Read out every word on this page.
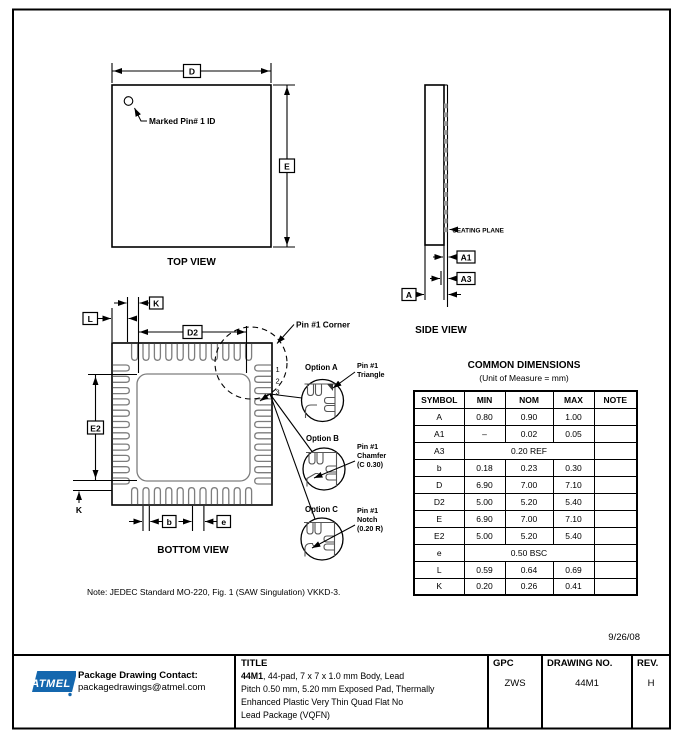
Marked Pin# 1 ID
D
E
TOP VIEW
SEATING PLANE
A1
A3
A
SIDE VIEW
1
2
3
K
L
D2
E2
K
b	e
BOTTOM VIEW
Pin #1 Corner
Option A	Pin #1
Triangle
Option B
Pin #1
Chamfer
(C 0.30)
Option C	Pin #1
Notch
(0.20 R)
COMMON DIMENSIONS
(Unit of Measure = mm)
SYMBOL	MIN	NOM	MAX	NOTE
A	0.80	0.90	1.00	
A1	–	0.02	0.05	
A3	0.20 REF			
b	0.18	0.23	0.30	
D	6.90	7.00	7.10	
D2	5.00	5.20	5.40	
E	6.90	7.00	7.10	
E2	5.00	5.20	5.40	
e	0.50 BSC			
L	0.59	0.64	0.69	
K	0.20	0.26	0.41	
Note: JEDEC Standard MO-220, Fig. 1 (SAW Singulation) VKKD-3.
9/26/08
ATMEL
Package Drawing Contact:
packagedrawings@atmel.com
TITLE
44M1, 44-pad, 7 x 7 x 1.0 mm Body, Lead
Pitch 0.50 mm, 5.20 mm Exposed Pad, Thermally
Enhanced Plastic Very Thin Quad Flat No
Lead Package (VQFN)
GPC
ZWS
DRAWING NO.
44M1
REV.
H
